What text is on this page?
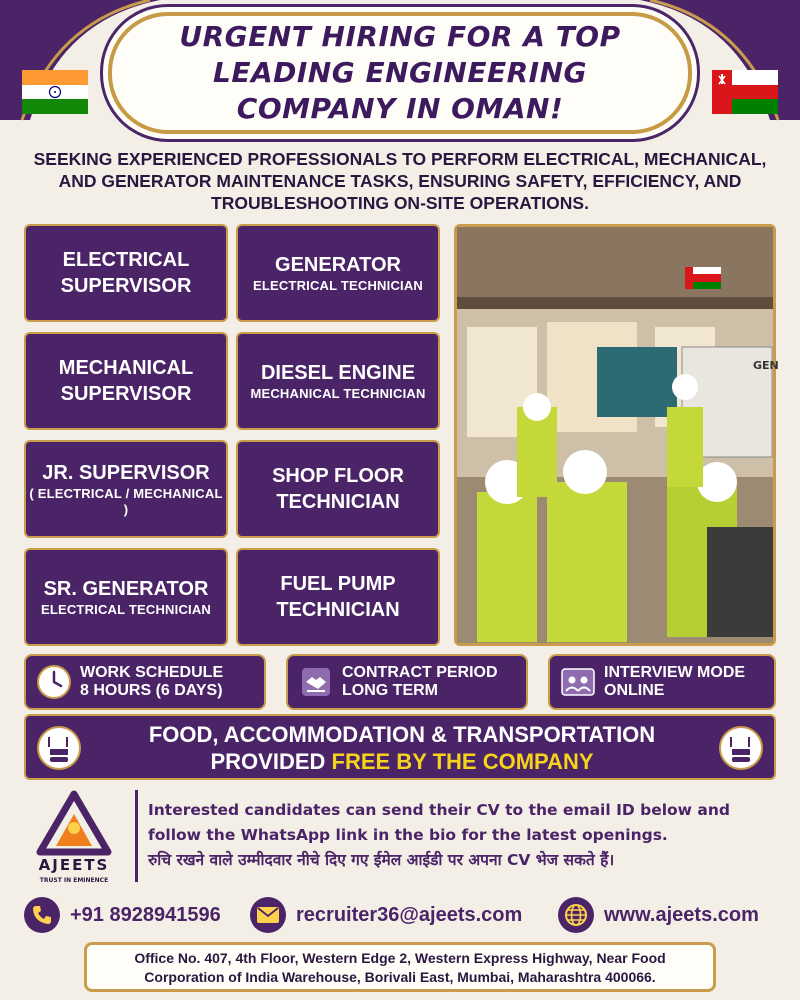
URGENT HIRING FOR A TOP LEADING ENGINEERING COMPANY IN OMAN!
SEEKING EXPERIENCED PROFESSIONALS TO PERFORM ELECTRICAL, MECHANICAL, AND GENERATOR MAINTENANCE TASKS, ENSURING SAFETY, EFFICIENCY, AND TROUBLESHOOTING ON-SITE OPERATIONS.
ELECTRICAL SUPERVISOR
GENERATOR
ELECTRICAL TECHNICIAN
MECHANICAL SUPERVISOR
DIESEL ENGINE
MECHANICAL TECHNICIAN
JR. SUPERVISOR
( ELECTRICAL / MECHANICAL )
SHOP FLOOR TECHNICIAN
SR. GENERATOR
ELECTRICAL TECHNICIAN
FUEL PUMP TECHNICIAN
GEN
WORK SCHEDULE
8 HOURS (6 DAYS)
CONTRACT PERIOD
LONG TERM
INTERVIEW MODE
ONLINE
FOOD, ACCOMMODATION & TRANSPORTATION
PROVIDED FREE BY THE COMPANY
AJEETS
TRUST IN EMINENCE
Interested candidates can send their CV to the email ID below and
follow the WhatsApp link in the bio for the latest openings.
रुचि रखने वाले उम्मीदवार नीचे दिए गए ईमेल आईडी पर अपना CV भेज सकते हैं।
+91 8928941596	recruiter36@ajeets.com	www.ajeets.com
Office No. 407, 4th Floor, Western Edge 2, Western Express Highway, Near Food
Corporation of India Warehouse, Borivali East, Mumbai, Maharashtra 400066.
